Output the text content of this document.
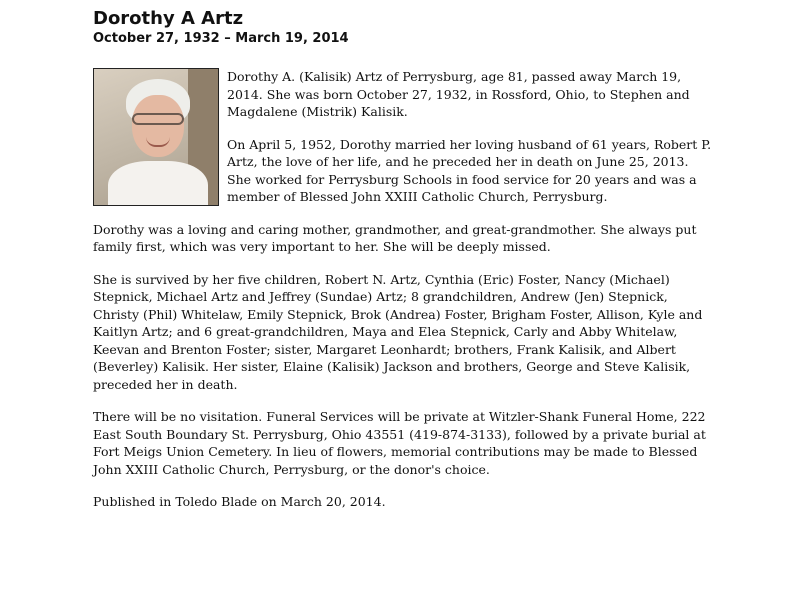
Dorothy A Artz
October 27, 1932 – March 19, 2014

Dorothy A. (Kalisik) Artz of Perrysburg, age 81, passed away March 19, 2014. She was born October 27, 1932, in Rossford, Ohio, to Stephen and Magdalene (Mistrik) Kalisik.

On April 5, 1952, Dorothy married her loving husband of 61 years, Robert P. Artz, the love of her life, and he preceded her in death on June 25, 2013. She worked for Perrysburg Schools in food service for 20 years and was a member of Blessed John XXIII Catholic Church, Perrysburg.

Dorothy was a loving and caring mother, grandmother, and great-grandmother. She always put family first, which was very important to her. She will be deeply missed.

She is survived by her five children, Robert N. Artz, Cynthia (Eric) Foster, Nancy (Michael) Stepnick, Michael Artz and Jeffrey (Sundae) Artz; 8 grandchildren, Andrew (Jen) Stepnick, Christy (Phil) Whitelaw, Emily Stepnick, Brok (Andrea) Foster, Brigham Foster, Allison, Kyle and Kaitlyn Artz; and 6 great-grandchildren, Maya and Elea Stepnick, Carly and Abby Whitelaw, Keevan and Brenton Foster; sister, Margaret Leonhardt; brothers, Frank Kalisik, and Albert (Beverley) Kalisik. Her sister, Elaine (Kalisik) Jackson and brothers, George and Steve Kalisik, preceded her in death.

There will be no visitation. Funeral Services will be private at Witzler-Shank Funeral Home, 222 East South Boundary St. Perrysburg, Ohio 43551 (419-874-3133), followed by a private burial at Fort Meigs Union Cemetery. In lieu of flowers, memorial contributions may be made to Blessed John XXIII Catholic Church, Perrysburg, or the donor's choice.

Published in Toledo Blade on March 20, 2014.
